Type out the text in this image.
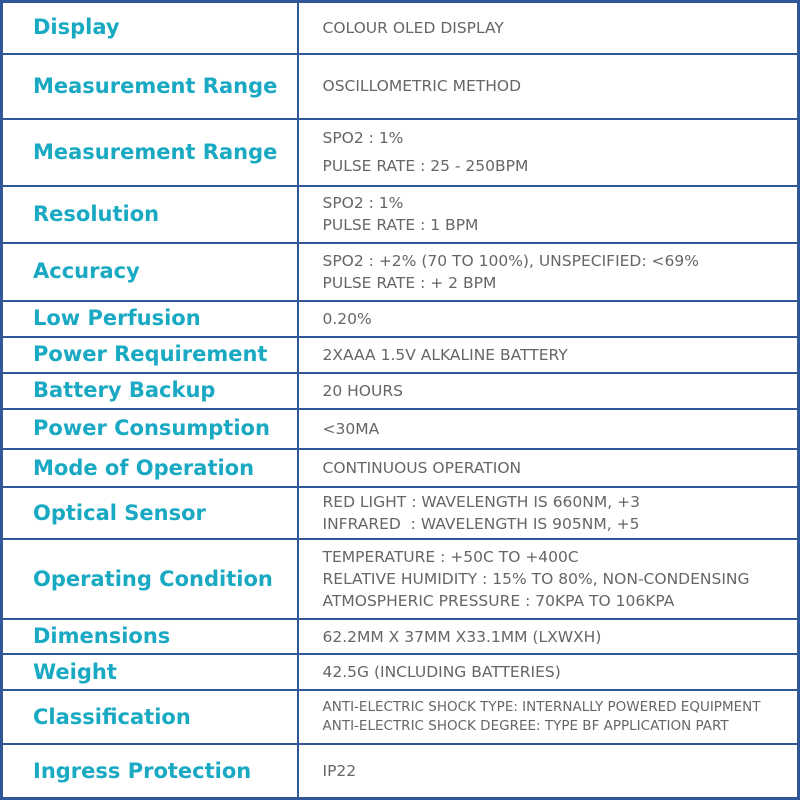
Display	COLOUR OLED DISPLAY

Measurement Range	OSCILLOMETRIC METHOD

Measurement Range	SPO2 : 1%
PULSE RATE : 25 - 250BPM

Resolution	SPO2 : 1%
PULSE RATE : 1 BPM

Accuracy	SPO2 : +2% (70 TO 100%), UNSPECIFIED: <69%
PULSE RATE : + 2 BPM

Low Perfusion	0.20%

Power Requirement	2XAAA 1.5V ALKALINE BATTERY

Battery Backup	20 HOURS

Power Consumption	<30MA

Mode of Operation	CONTINUOUS OPERATION

Optical Sensor	RED LIGHT : WAVELENGTH IS 660NM, +3
INFRARED  : WAVELENGTH IS 905NM, +5

Operating Condition	TEMPERATURE : +50C TO +400C
RELATIVE HUMIDITY : 15% TO 80%, NON-CONDENSING
ATMOSPHERIC PRESSURE : 70KPA TO 106KPA

Dimensions	62.2MM X 37MM X33.1MM (LXWXH)

Weight	42.5G (INCLUDING BATTERIES)

Classification	ANTI-ELECTRIC SHOCK TYPE: INTERNALLY POWERED EQUIPMENT
ANTI-ELECTRIC SHOCK DEGREE: TYPE BF APPLICATION PART

Ingress Protection	IP22
